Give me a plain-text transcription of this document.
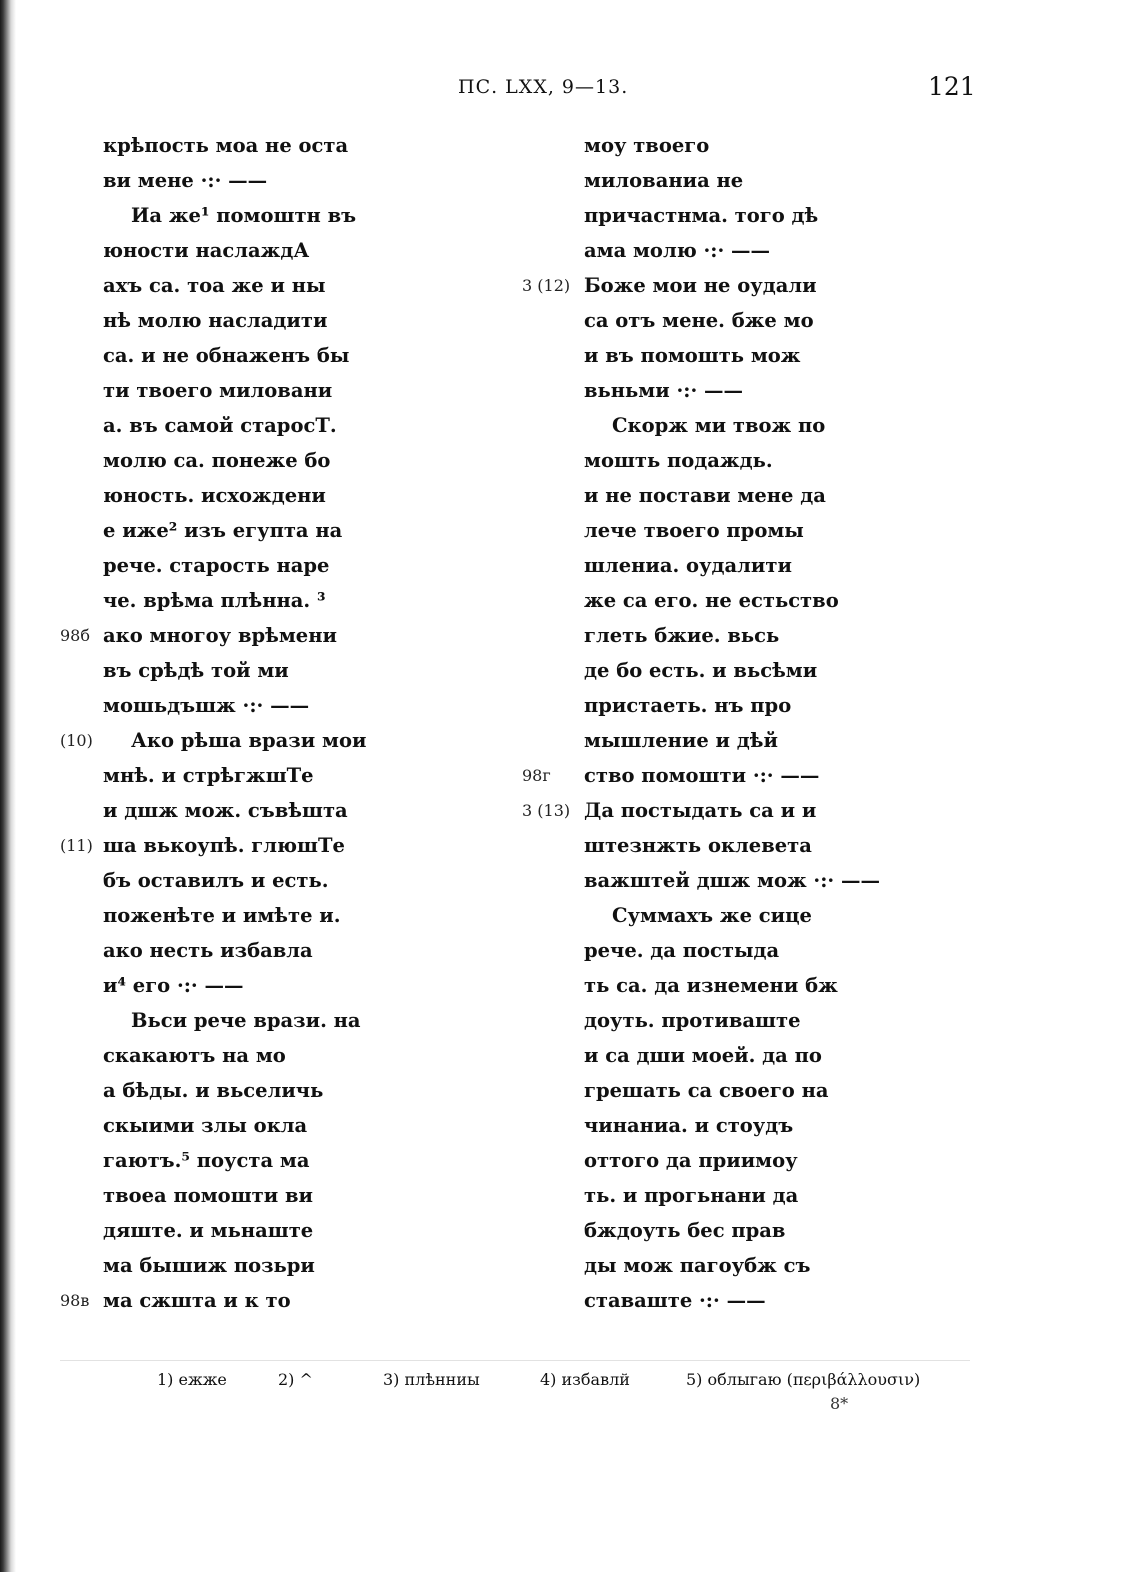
ПС. LXX, 9—13.	121
крѣпость моа не оста
ви мене ·:· ——
Иа же¹ помоштн въ
юности наслаждА
ахъ са. тоа же и ны
нѣ молю насладити
са. и не обнаженъ бы
ти твоего миловани
а. въ самой старосТ.
молю са. понеже бо
юность. исхождени
е иже² изъ егупта на
рече. старость наре
че. врѣма плѣнна. ³
98б ако многоу врѣмени
въ срѣдѣ той ми
мошьдъшж ·:· ——
(10) Ако рѣша врази мои
мнѣ. и стрѣгжшТе
и дшж мож. съвѣшта
(11) ша вькоупѣ. глюшТе
бъ оставилъ и есть.
поженѣте и имѣте и.
ако несть избавла
и⁴ его ·:· ——
Вьси рече врази. на
скакаютъ на мо
а бѣды. и вьселичь
скыими злы окла
гаютъ.⁵ поуста ма
твоеа помошти ви
дяште. и мьнаште
ма бышиж позьри
98в ма сжшта и к то
моу твоего
милованиа не
причастнма. того дѣ
ама молю ·:· ——
3 (12) Боже мои не оудали
са отъ мене. бже мо
и въ помошть мож
вьньми ·:· ——
Скорж ми твож по
мошть подаждь.
и не постави мене да
лече твоего промы
шлениа. оудалити
же са его. не естьство
глеть бжие. вьсь
де бо есть. и вьсѣми
пристаеть. нъ про
мышление и дѣй
98г ство помошти ·:· ——
3 (13) Да постыдать са и и
штезнжть оклевета
важштей дшж мож ·:· ——
Суммахъ же сице
рече. да постыда
ть са. да изнемени бж
доуть. противаште
и са дши моей. да по
грешать са своего на
чинаниа. и стоудъ
оттого да приимоу
ть. и прогьнани да
бждоуть бес прав
ды мож пагоубж съ
ставаште ·:· ——
1) ежже	2) ^	3) плѣнниы	4) избавлй	5) облыгаю (περιβάλλουσιν)
8*
